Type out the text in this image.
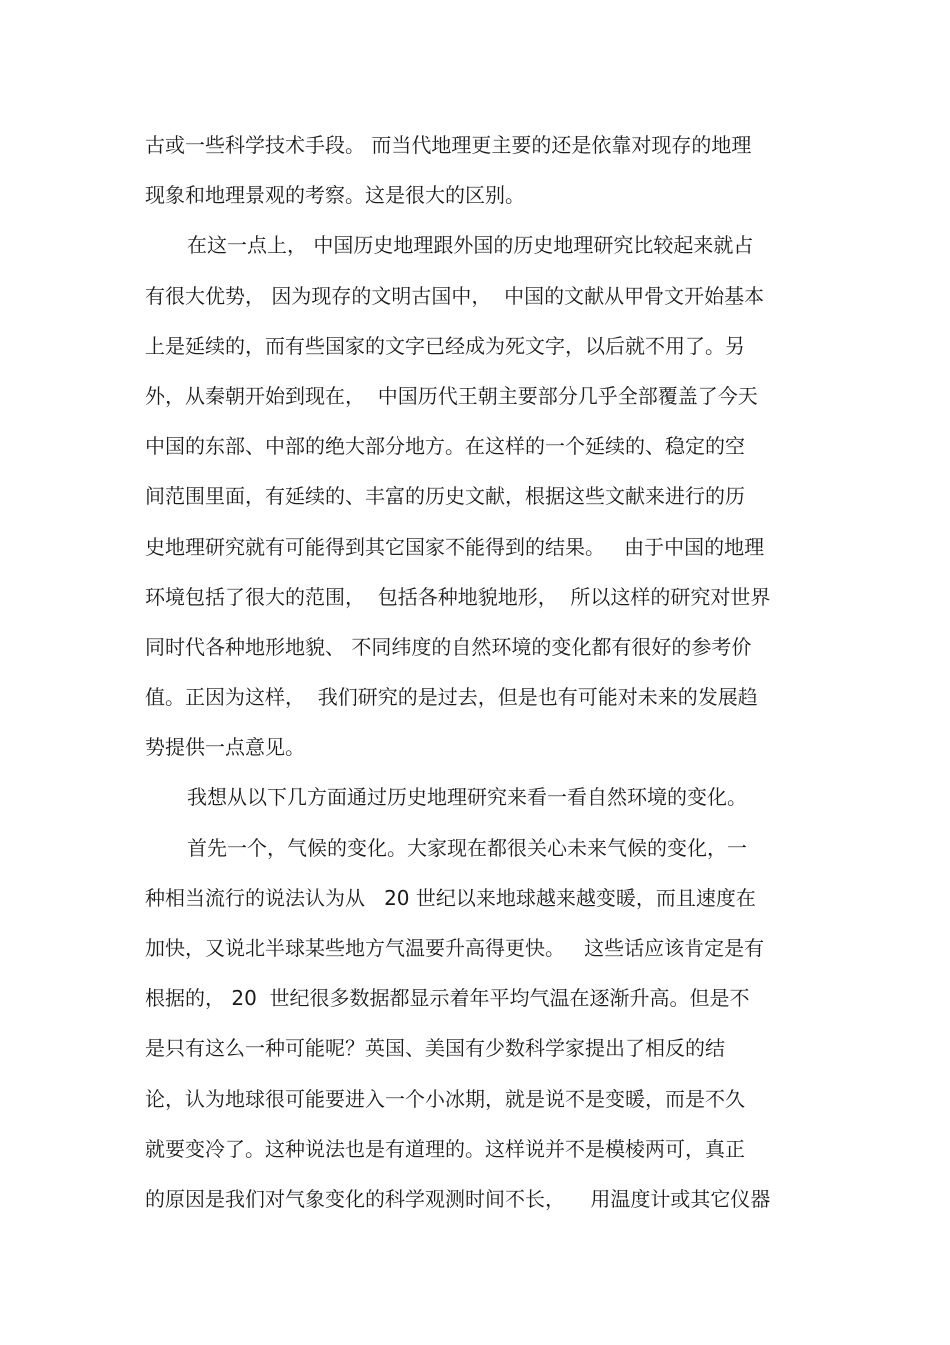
古或一些科学技术手段。 而当代地理更主要的还是依靠对现存的地理
现象和地理景观的考察。这是很大的区别。
在这一点上， 中国历史地理跟外国的历史地理研究比较起来就占
有很大优势， 因为现存的文明古国中，  中国的文献从甲骨文开始基本
上是延续的，而有些国家的文字已经成为死文字，以后就不用了。另
外，从秦朝开始到现在，  中国历代王朝主要部分几乎全部覆盖了今天
中国的东部、中部的绝大部分地方。在这样的一个延续的、稳定的空
间范围里面，有延续的、丰富的历史文献，根据这些文献来进行的历
史地理研究就有可能得到其它国家不能得到的结果。   由于中国的地理
环境包括了很大的范围，  包括各种地貌地形，  所以这样的研究对世界
同时代各种地形地貌、 不同纬度的自然环境的变化都有很好的参考价
值。正因为这样，  我们研究的是过去，但是也有可能对未来的发展趋
势提供一点意见。
我想从以下几方面通过历史地理研究来看一看自然环境的变化。
首先一个，气候的变化。大家现在都很关心未来气候的变化，一
种相当流行的说法认为从   20 世纪以来地球越来越变暖，而且速度在
加快，又说北半球某些地方气温要升高得更快。   这些话应该肯定是有
根据的， 20  世纪很多数据都显示着年平均气温在逐渐升高。但是不
是只有这么一种可能呢？英国、美国有少数科学家提出了相反的结
论，认为地球很可能要进入一个小冰期，就是说不是变暖，而是不久
就要变冷了。这种说法也是有道理的。这样说并不是模棱两可，真正
的原因是我们对气象变化的科学观测时间不长，    用温度计或其它仪器
